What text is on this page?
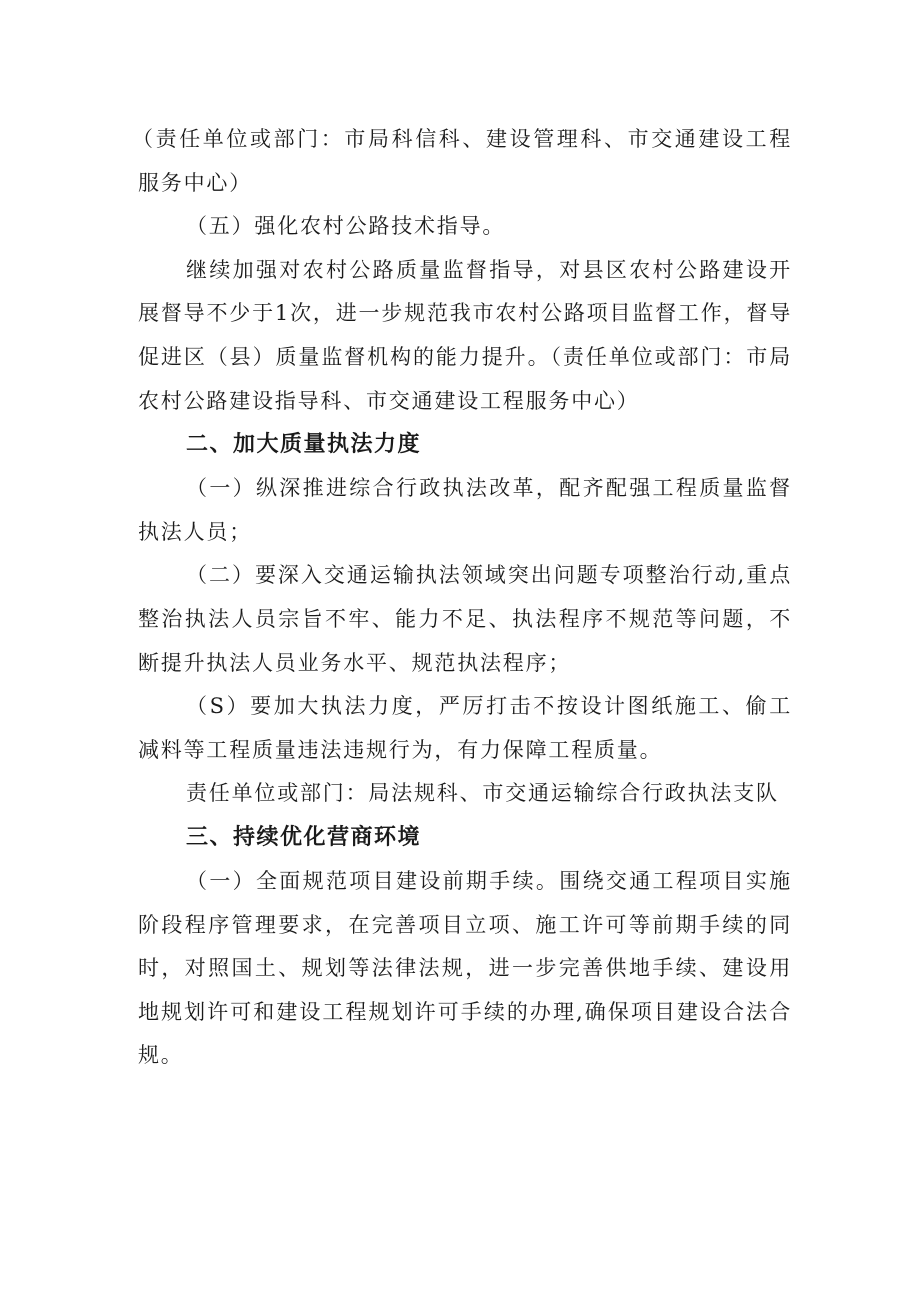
（责任单位或部门：市局科信科、建设管理科、市交通建设工程服务中心）

（五）强化农村公路技术指导。

继续加强对农村公路质量监督指导，对县区农村公路建设开展督导不少于1次，进一步规范我市农村公路项目监督工作，督导促进区（县）质量监督机构的能力提升。（责任单位或部门：市局农村公路建设指导科、市交通建设工程服务中心）

二、加大质量执法力度

（一）纵深推进综合行政执法改革，配齐配强工程质量监督执法人员；

（二）要深入交通运输执法领域突出问题专项整治行动,重点整治执法人员宗旨不牢、能力不足、执法程序不规范等问题，不断提升执法人员业务水平、规范执法程序；

（S）要加大执法力度，严厉打击不按设计图纸施工、偷工减料等工程质量违法违规行为，有力保障工程质量。

责任单位或部门：局法规科、市交通运输综合行政执法支队

三、持续优化营商环境

（一）全面规范项目建设前期手续。围绕交通工程项目实施阶段程序管理要求，在完善项目立项、施工许可等前期手续的同时，对照国土、规划等法律法规，进一步完善供地手续、建设用地规划许可和建设工程规划许可手续的办理,确保项目建设合法合规。
